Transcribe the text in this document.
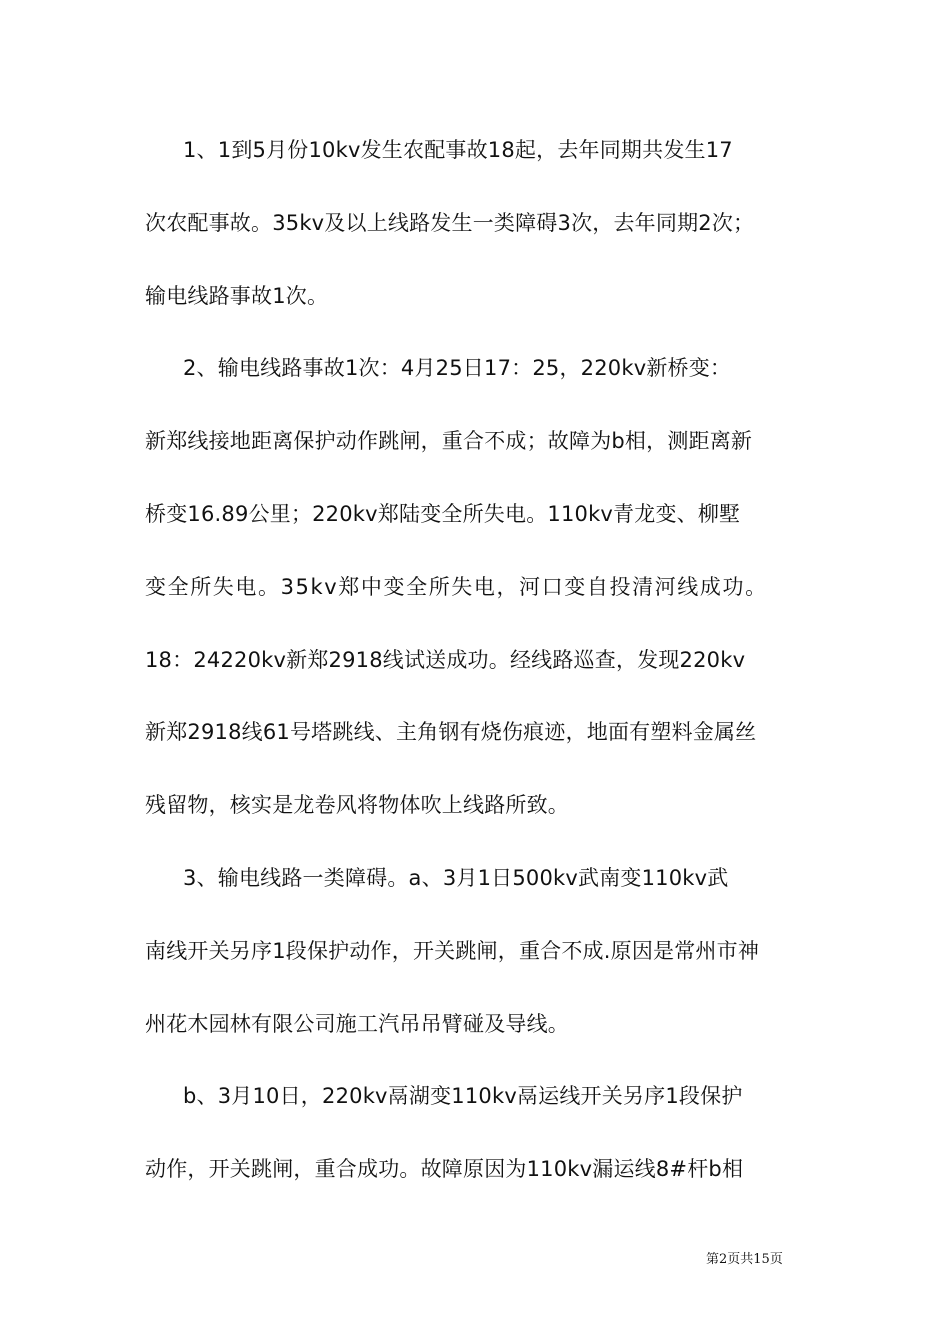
1、1到5月份10kv发生农配事故18起，去年同期共发生17
次农配事故。35kv及以上线路发生一类障碍3次，去年同期2次；
输电线路事故1次。
2、输电线路事故1次：4月25日17：25，220kv新桥变：
新郑线接地距离保护动作跳闸，重合不成；故障为b相，测距离新
桥变16.89公里；220kv郑陆变全所失电。110kv青龙变、柳墅
变全所失电。35kv郑中变全所失电，河口变自投清河线成功。
18：24220kv新郑2918线试送成功。经线路巡查，发现220kv
新郑2918线61号塔跳线、主角钢有烧伤痕迹，地面有塑料金属丝
残留物，核实是龙卷风将物体吹上线路所致。
3、输电线路一类障碍。a、3月1日500kv武南变110kv武
南线开关另序1段保护动作，开关跳闸，重合不成.原因是常州市神
州花木园林有限公司施工汽吊吊臂碰及导线。
b、3月10日，220kv鬲湖变110kv鬲运线开关另序1段保护
动作，开关跳闸，重合成功。故障原因为110kv漏运线8#杆b相
第2页共15页
